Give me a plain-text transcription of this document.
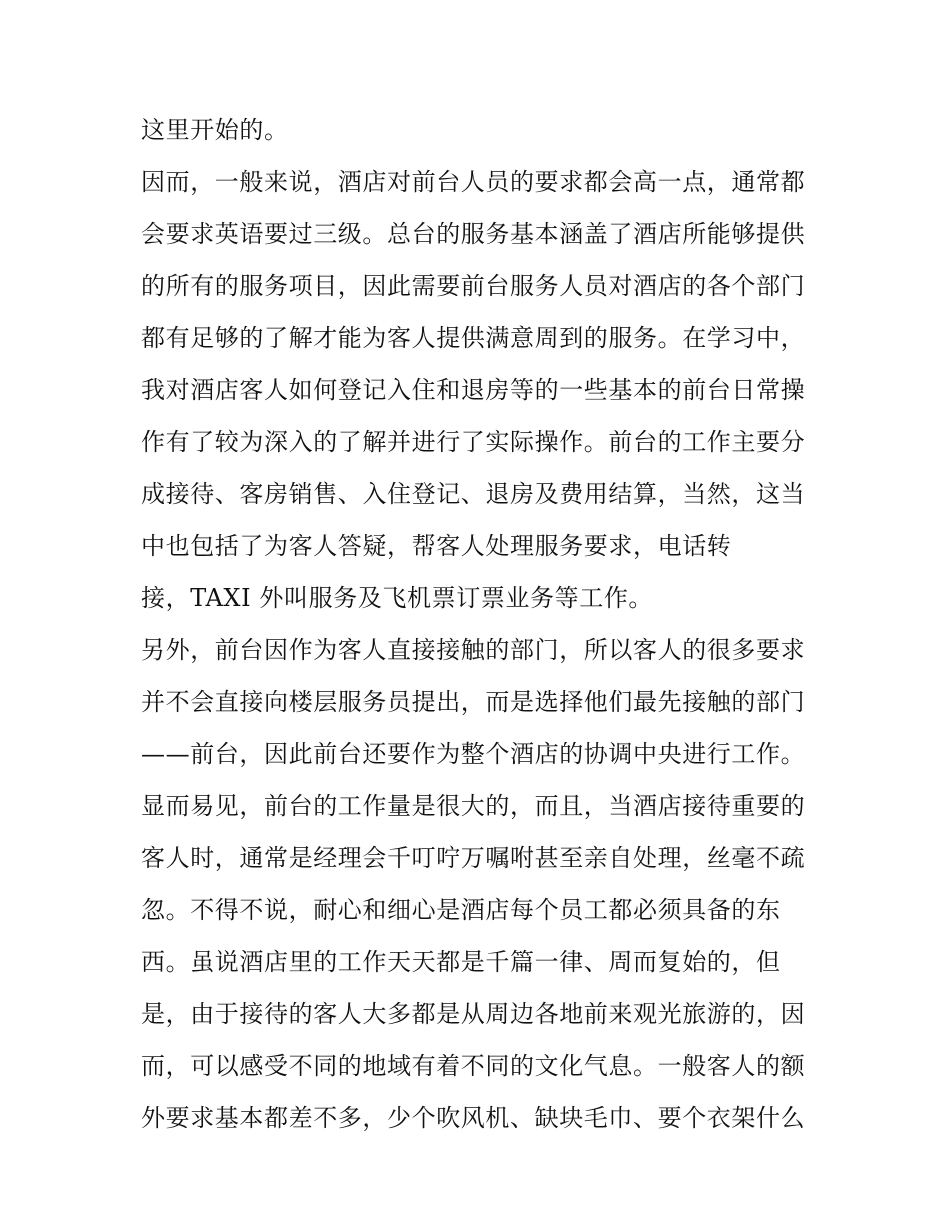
这里开始的。
因而，一般来说，酒店对前台人员的要求都会高一点，通常都
会要求英语要过三级。总台的服务基本涵盖了酒店所能够提供
的所有的服务项目，因此需要前台服务人员对酒店的各个部门
都有足够的了解才能为客人提供满意周到的服务。在学习中，
我对酒店客人如何登记入住和退房等的一些基本的前台日常操
作有了较为深入的了解并进行了实际操作。前台的工作主要分
成接待、客房销售、入住登记、退房及费用结算，当然，这当
中也包括了为客人答疑，帮客人处理服务要求，电话转
接，TAXI 外叫服务及飞机票订票业务等工作。
另外，前台因作为客人直接接触的部门，所以客人的很多要求
并不会直接向楼层服务员提出，而是选择他们最先接触的部门
——前台，因此前台还要作为整个酒店的协调中央进行工作。
显而易见，前台的工作量是很大的，而且，当酒店接待重要的
客人时，通常是经理会千叮咛万嘱咐甚至亲自处理，丝毫不疏
忽。不得不说，耐心和细心是酒店每个员工都必须具备的东
西。虽说酒店里的工作天天都是千篇一律、周而复始的，但
是，由于接待的客人大多都是从周边各地前来观光旅游的，因
而，可以感受不同的地域有着不同的文化气息。一般客人的额
外要求基本都差不多，少个吹风机、缺块毛巾、要个衣架什么
